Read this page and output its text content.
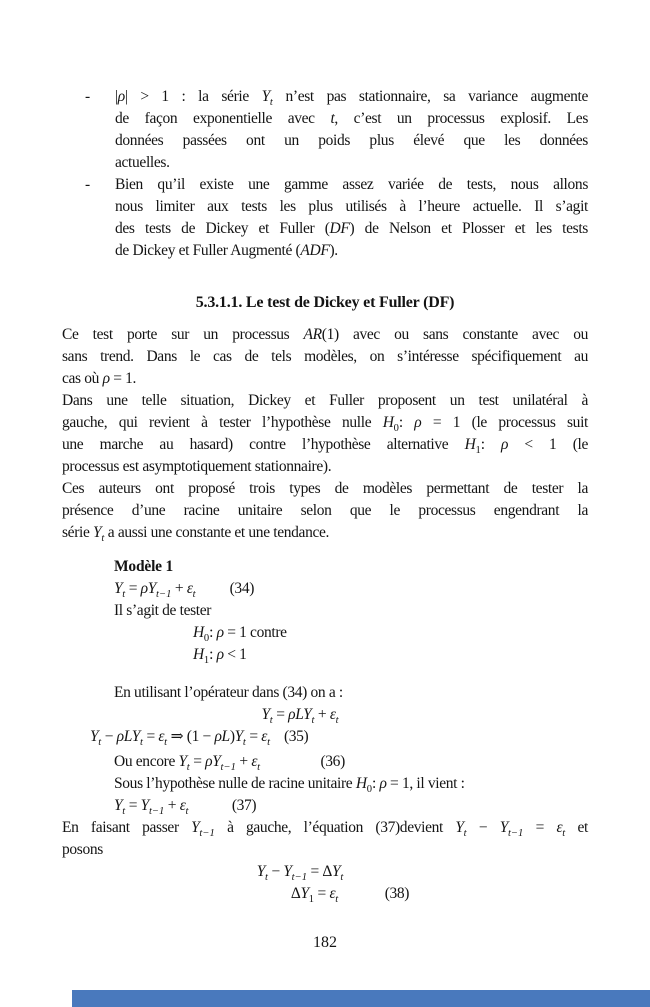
-	|ρ| > 1 : la série $Y_t$ n’est pas stationnaire, sa variance augmente
de façon exponentielle avec t, c’est un processus explosif. Les
données passées ont un poids plus élevé que les données
actuelles.
-	Bien qu’il existe une gamme assez variée de tests, nous allons
nous limiter aux tests les plus utilisés à l’heure actuelle. Il s’agit
des tests de Dickey et Fuller (DF) de Nelson et Plosser et les tests
de Dickey et Fuller Augmenté (ADF).
5.3.1.1. Le test de Dickey et Fuller (DF)
Ce test porte sur un processus AR(1) avec ou sans constante avec ou
sans trend. Dans le cas de tels modèles, on s’intéresse spécifiquement au
cas où ρ = 1.
Dans une telle situation, Dickey et Fuller proposent un test unilatéral à
gauche, qui revient à tester l’hypothèse nulle $H_0$: ρ = 1 (le processus suit
une marche au hasard) contre l’hypothèse alternative $H_1$: ρ < 1 (le
processus est asymptotiquement stationnaire).
Ces auteurs ont proposé trois types de modèles permettant de tester la
présence d’une racine unitaire selon que le processus engendrant la
série $Y_t$ a aussi une constante et une tendance.
Modèle 1
$Y_t = \rho Y_{t-1} + \varepsilon_t$ (34)
Il s’agit de tester
$H_0$: ρ = 1 contre
$H_1$: ρ < 1
En utilisant l’opérateur dans (34) on a :
$Y_t = \rho LY_t + \varepsilon_t$
$Y_t - \rho LY_t = \varepsilon_t$ ⇒ $(1 - \rho L)Y_t = \varepsilon_t$ (35)
Ou encore $Y_t = \rho Y_{t-1} + \varepsilon_t$	(36)
Sous l’hypothèse nulle de racine unitaire $H_0$: ρ = 1, il vient :
$Y_t = Y_{t-1} + \varepsilon_t$	(37)
En faisant passer $Y_{t-1}$ à gauche, l’équation (37)devient $Y_t - Y_{t-1} = \varepsilon_t$ et
posons
$Y_t - Y_{t-1} = \Delta Y_t$
$\Delta Y_1 = \varepsilon_t$	(38)
182
